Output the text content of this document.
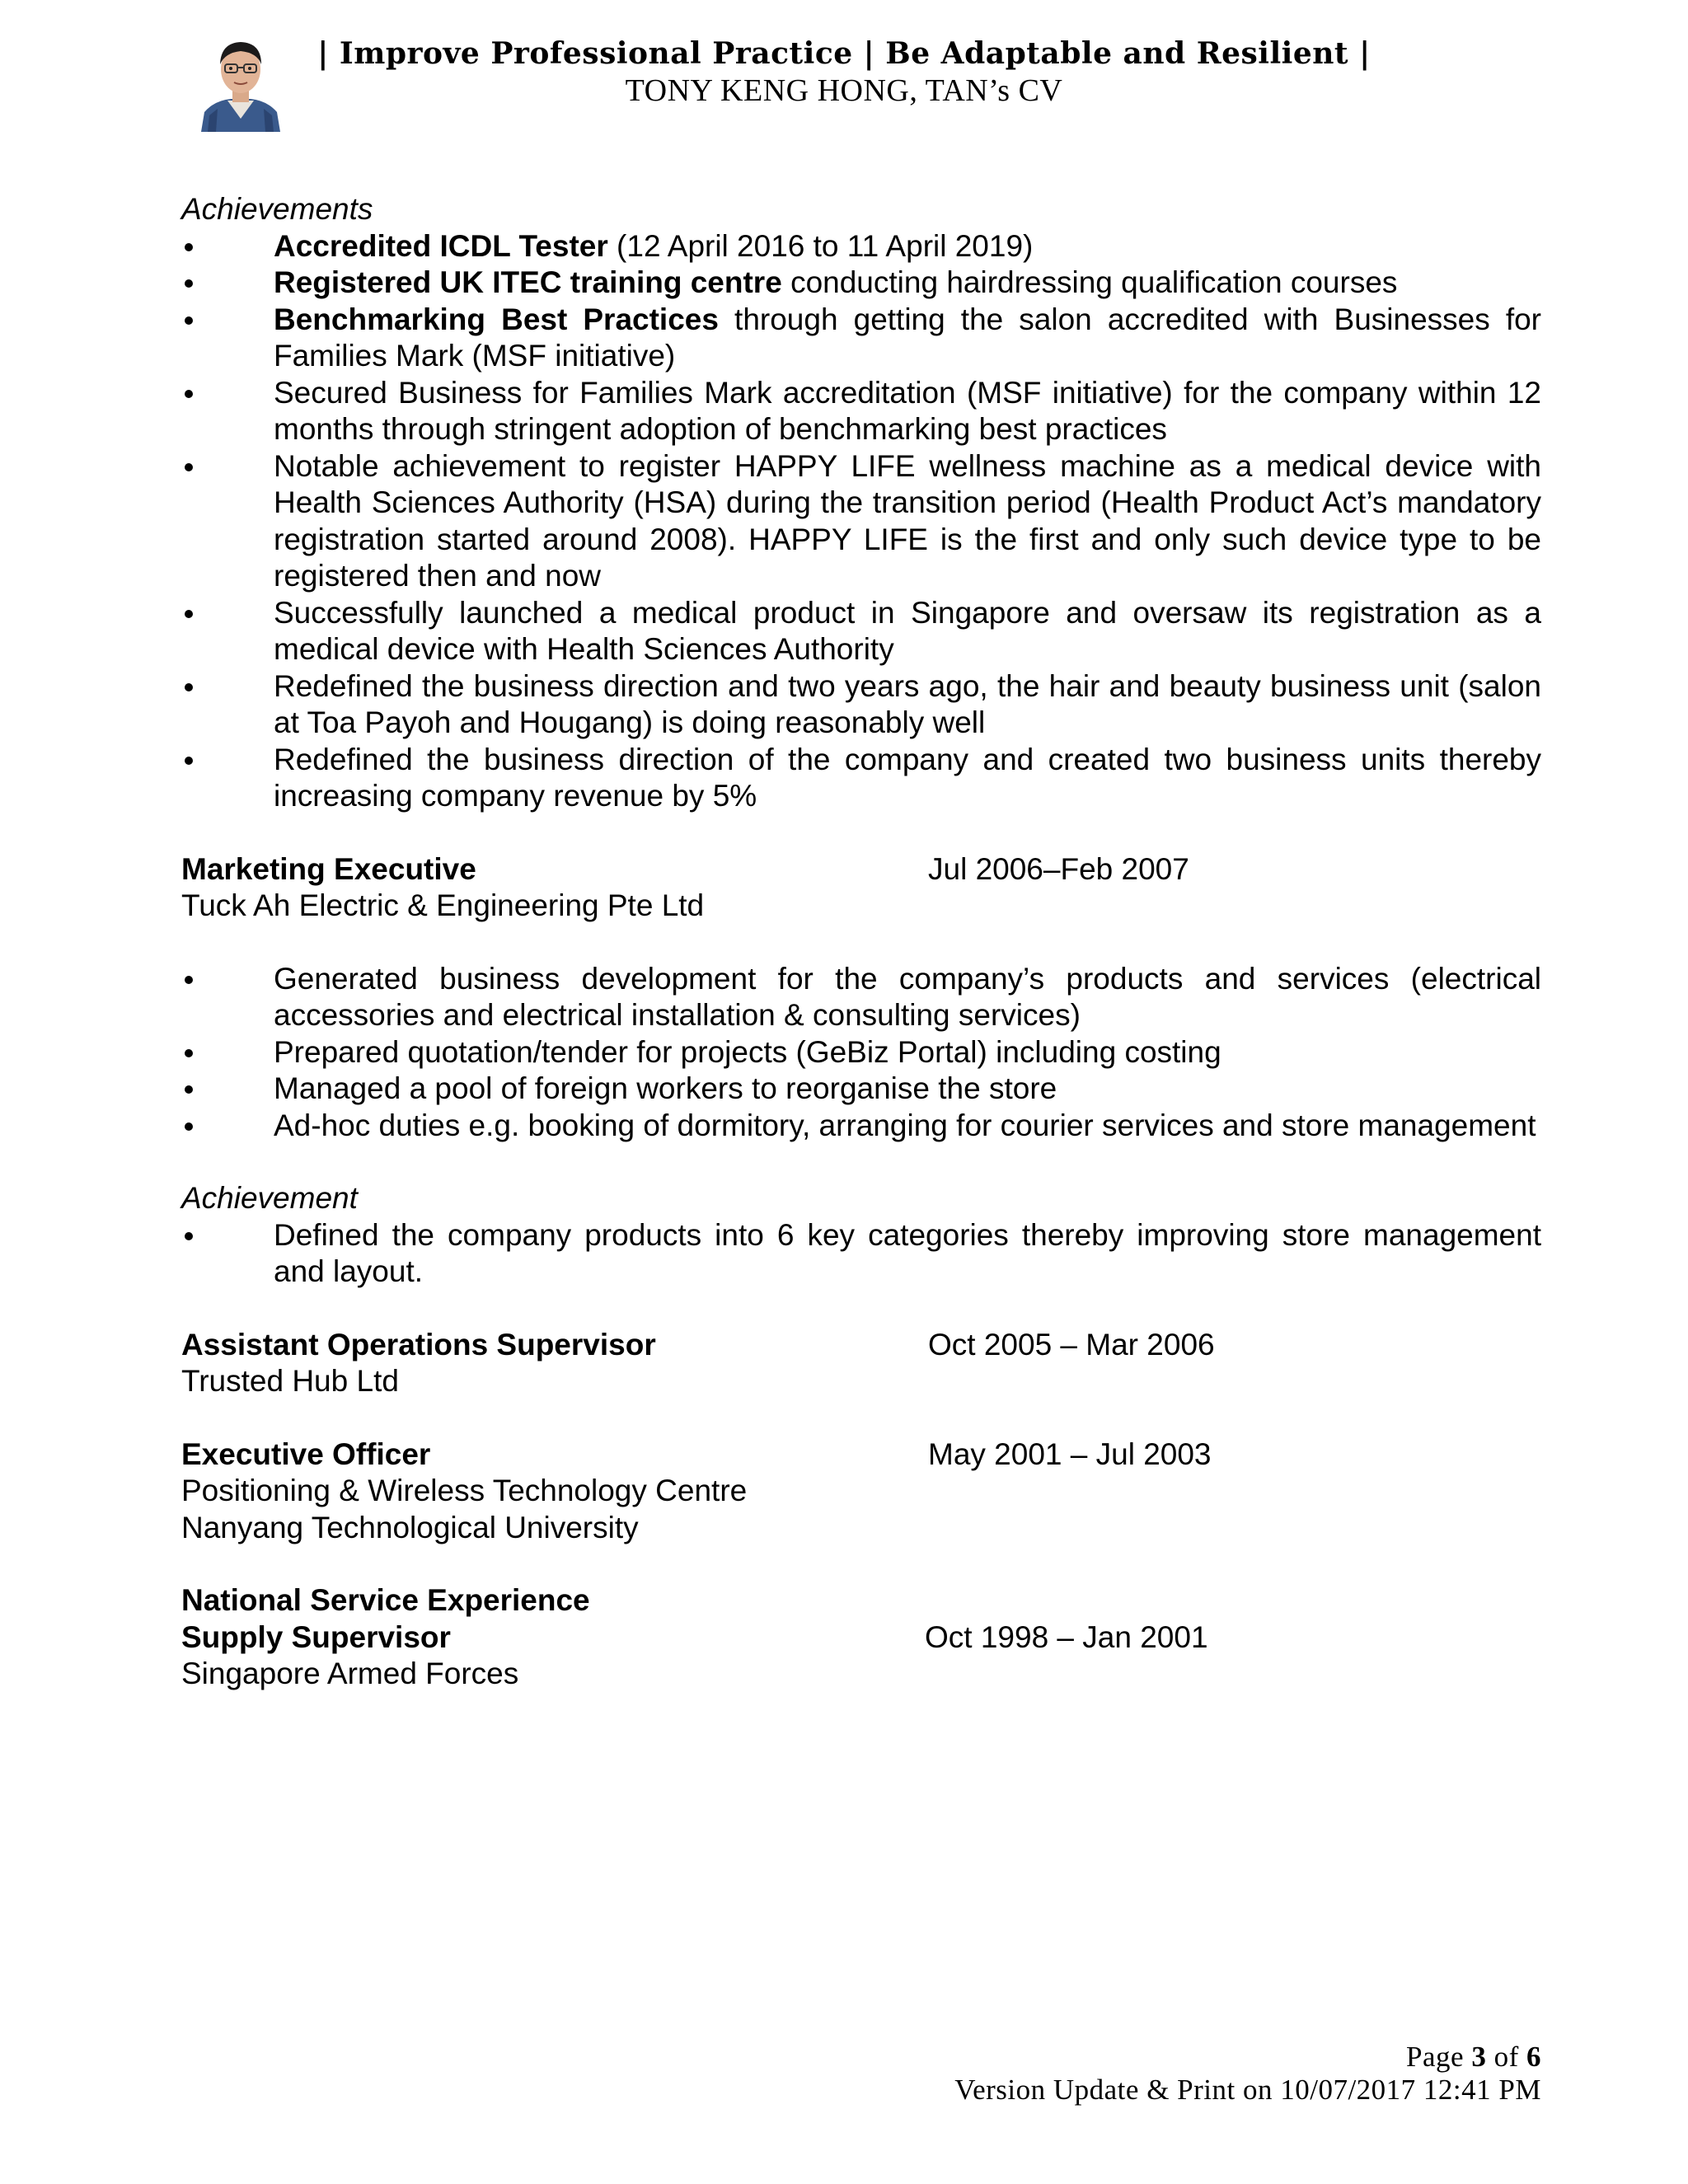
| Improve Professional Practice | Be Adaptable and Resilient |
TONY KENG HONG, TAN’s CV

Achievements

Accredited ICDL Tester (12 April 2016 to 11 April 2019)
Registered UK ITEC training centre conducting hairdressing qualification courses
Benchmarking Best Practices through getting the salon accredited with Businesses for Families Mark (MSF initiative)
Secured Business for Families Mark accreditation (MSF initiative) for the company within 12 months through stringent adoption of benchmarking best practices
Notable achievement to register HAPPY LIFE wellness machine as a medical device with Health Sciences Authority (HSA) during the transition period (Health Product Act’s mandatory registration started around 2008). HAPPY LIFE is the first and only such device type to be registered then and now
Successfully launched a medical product in Singapore and oversaw its registration as a medical device with Health Sciences Authority
Redefined the business direction and two years ago, the hair and beauty business unit (salon at Toa Payoh and Hougang) is doing reasonably well
Redefined the business direction of the company and created two business units thereby increasing company revenue by 5%
Marketing Executive	Jul 2006–Feb 2007

Tuck Ah Electric & Engineering Pte Ltd

Generated business development for the company’s products and services (electrical accessories and electrical installation & consulting services)
Prepared quotation/tender for projects (GeBiz Portal) including costing
Managed a pool of foreign workers to reorganise the store
Ad-hoc duties e.g. booking of dormitory, arranging for courier services and store management

Achievement

Defined the company products into 6 key categories thereby improving store management and layout.
Assistant Operations Supervisor	Oct 2005 – Mar 2006

Trusted Hub Ltd

Executive Officer	May 2001 – Jul 2003

Positioning & Wireless Technology Centre

Nanyang Technological University

National Service Experience

Supply Supervisor	Oct 1998 – Jan 2001

Singapore Armed Forces

Page 3 of 6
Version Update & Print on 10/07/2017 12:41 PM
